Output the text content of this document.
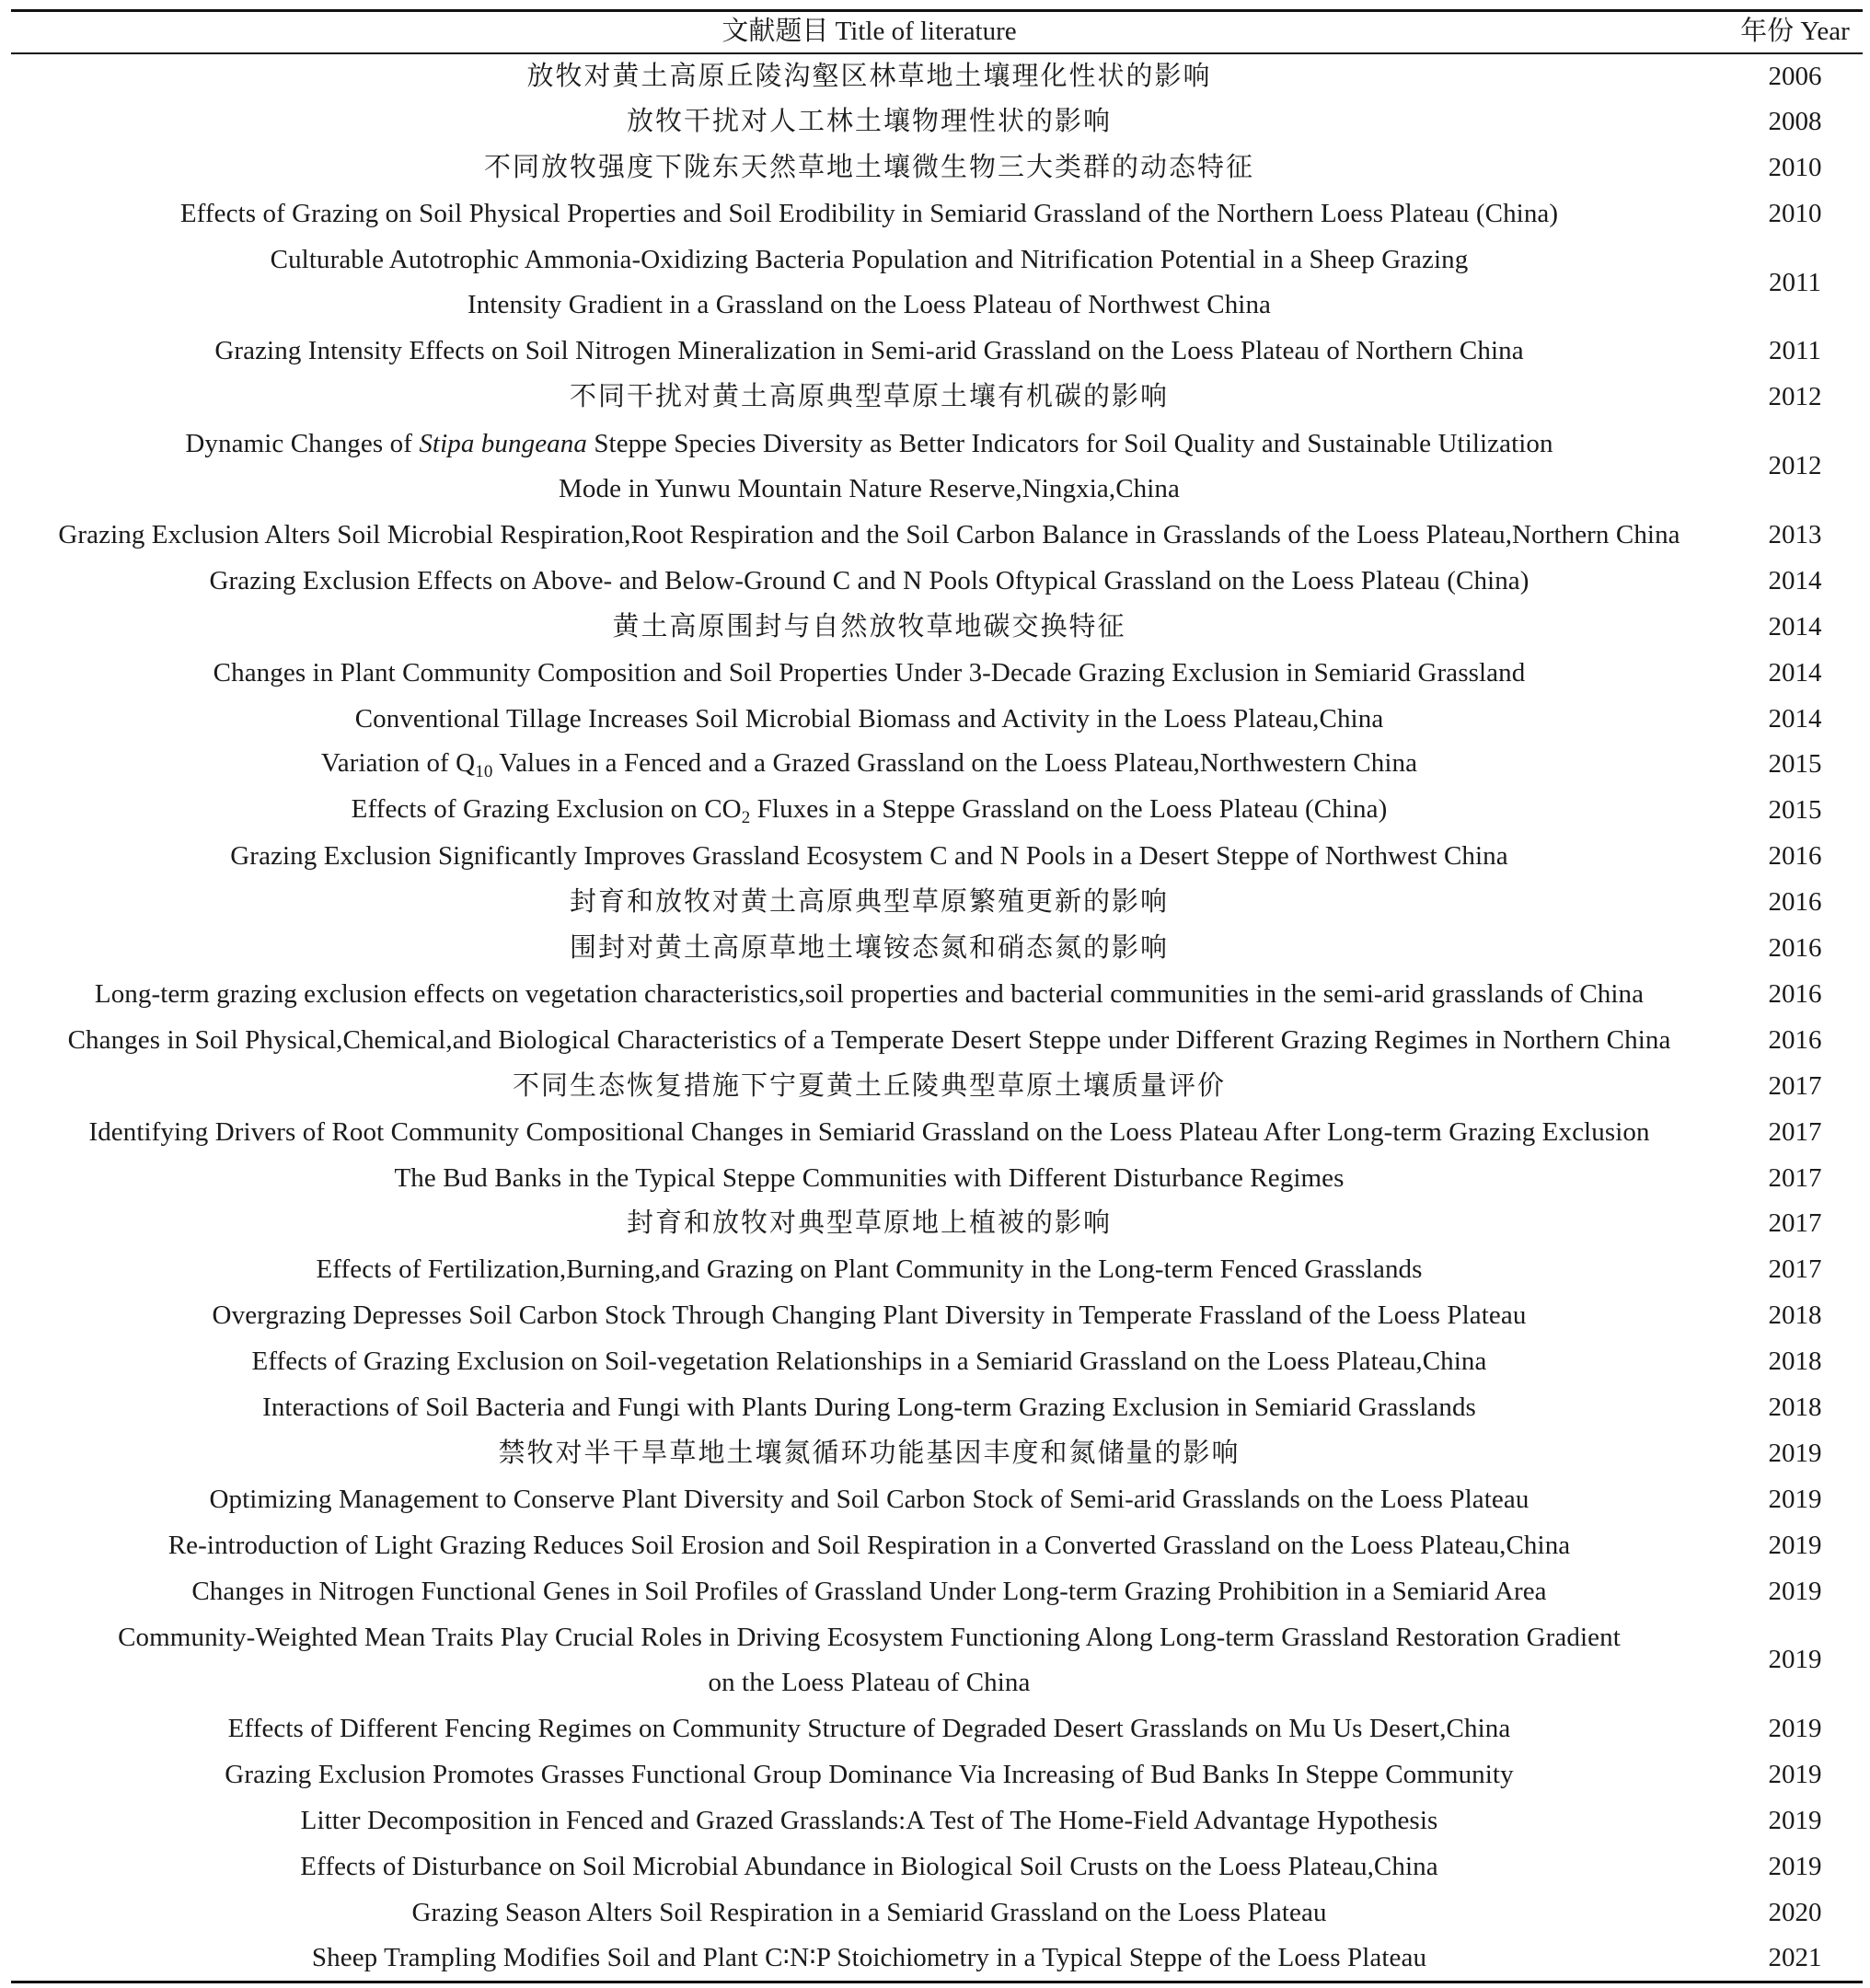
文献题目 Title of literature	年份 Year
放牧对黄土高原丘陵沟壑区林草地土壤理化性状的影响	2006
放牧干扰对人工林土壤物理性状的影响	2008
不同放牧强度下陇东天然草地土壤微生物三大类群的动态特征	2010
Effects of Grazing on Soil Physical Properties and Soil Erodibility in Semiarid Grassland of the Northern Loess Plateau (China)	2010

Culturable Autotrophic Ammonia-Oxidizing Bacteria Population and Nitrification Potential in a Sheep Grazing
Intensity Gradient in a Grassland on the Loess Plateau of Northwest China	2011
Grazing Intensity Effects on Soil Nitrogen Mineralization in Semi-arid Grassland on the Loess Plateau of Northern China	2011
不同干扰对黄土高原典型草原土壤有机碳的影响	2012

Dynamic Changes of Stipa bungeana Steppe Species Diversity as Better Indicators for Soil Quality and Sustainable Utilization
Mode in Yunwu Mountain Nature Reserve,Ningxia,China	2012
Grazing Exclusion Alters Soil Microbial Respiration,Root Respiration and the Soil Carbon Balance in Grasslands of the Loess Plateau,Northern China	2013
Grazing Exclusion Effects on Above- and Below-Ground C and N Pools Oftypical Grassland on the Loess Plateau (China)	2014
黄土高原围封与自然放牧草地碳交换特征	2014
Changes in Plant Community Composition and Soil Properties Under 3-Decade Grazing Exclusion in Semiarid Grassland	2014
Conventional Tillage Increases Soil Microbial Biomass and Activity in the Loess Plateau,China	2014
Variation of $Q_{10}$ Values in a Fenced and a Grazed Grassland on the Loess Plateau,Northwestern China	2015
Effects of Grazing Exclusion on $CO_2$ Fluxes in a Steppe Grassland on the Loess Plateau (China)	2015
Grazing Exclusion Significantly Improves Grassland Ecosystem C and N Pools in a Desert Steppe of Northwest China	2016
封育和放牧对黄土高原典型草原繁殖更新的影响	2016
围封对黄土高原草地土壤铵态氮和硝态氮的影响	2016
Long-term grazing exclusion effects on vegetation characteristics,soil properties and bacterial communities in the semi-arid grasslands of China	2016
Changes in Soil Physical,Chemical,and Biological Characteristics of a Temperate Desert Steppe under Different Grazing Regimes in Northern China	2016
不同生态恢复措施下宁夏黄土丘陵典型草原土壤质量评价	2017
Identifying Drivers of Root Community Compositional Changes in Semiarid Grassland on the Loess Plateau After Long-term Grazing Exclusion	2017
The Bud Banks in the Typical Steppe Communities with Different Disturbance Regimes	2017
封育和放牧对典型草原地上植被的影响	2017
Effects of Fertilization,Burning,and Grazing on Plant Community in the Long-term Fenced Grasslands	2017
Overgrazing Depresses Soil Carbon Stock Through Changing Plant Diversity in Temperate Frassland of the Loess Plateau	2018
Effects of Grazing Exclusion on Soil-vegetation Relationships in a Semiarid Grassland on the Loess Plateau,China	2018
Interactions of Soil Bacteria and Fungi with Plants During Long-term Grazing Exclusion in Semiarid Grasslands	2018
禁牧对半干旱草地土壤氮循环功能基因丰度和氮储量的影响	2019
Optimizing Management to Conserve Plant Diversity and Soil Carbon Stock of Semi-arid Grasslands on the Loess Plateau	2019
Re-introduction of Light Grazing Reduces Soil Erosion and Soil Respiration in a Converted Grassland on the Loess Plateau,China	2019
Changes in Nitrogen Functional Genes in Soil Profiles of Grassland Under Long-term Grazing Prohibition in a Semiarid Area	2019

Community-Weighted Mean Traits Play Crucial Roles in Driving Ecosystem Functioning Along Long-term Grassland Restoration Gradient
on the Loess Plateau of China	2019
Effects of Different Fencing Regimes on Community Structure of Degraded Desert Grasslands on Mu Us Desert,China	2019
Grazing Exclusion Promotes Grasses Functional Group Dominance Via Increasing of Bud Banks In Steppe Community	2019
Litter Decomposition in Fenced and Grazed Grasslands:A Test of The Home-Field Advantage Hypothesis	2019
Effects of Disturbance on Soil Microbial Abundance in Biological Soil Crusts on the Loess Plateau,China	2019
Grazing Season Alters Soil Respiration in a Semiarid Grassland on the Loess Plateau	2020
Sheep Trampling Modifies Soil and Plant C∶N∶P Stoichiometry in a Typical Steppe of the Loess Plateau	2021
